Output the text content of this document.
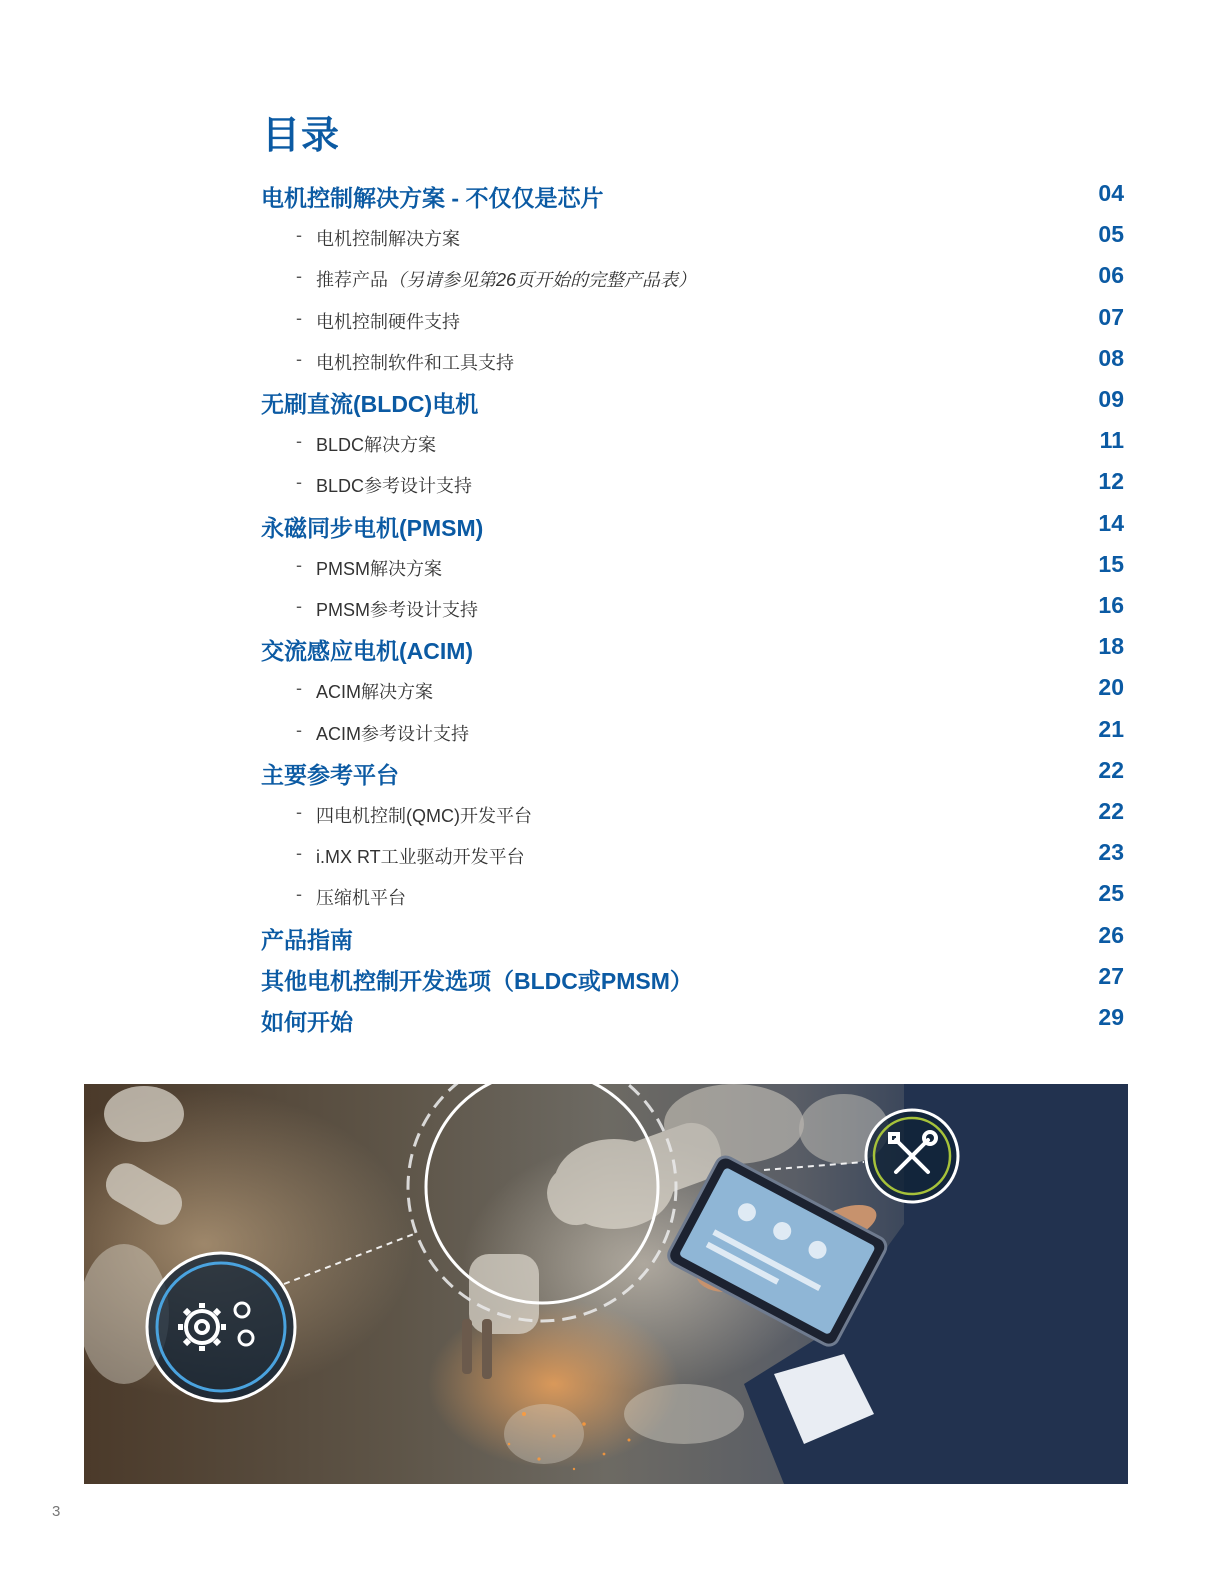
目录
电机控制解决方案 - 不仅仅是芯片	04
- 电机控制解决方案	05
- 推荐产品（另请参见第26页开始的完整产品表）	06
- 电机控制硬件支持	07
- 电机控制软件和工具支持	08
无刷直流(BLDC)电机	09
- BLDC解决方案	11
- BLDC参考设计支持	12
永磁同步电机(PMSM)	14
- PMSM解决方案	15
- PMSM参考设计支持	16
交流感应电机(ACIM)	18
- ACIM解决方案	20
- ACIM参考设计支持	21
主要参考平台	22
- 四电机控制(QMC)开发平台	22
- i.MX RT工业驱动开发平台	23
- 压缩机平台	25
产品指南	26
其他电机控制开发选项（BLDC或PMSM）	27
如何开始	29
3
